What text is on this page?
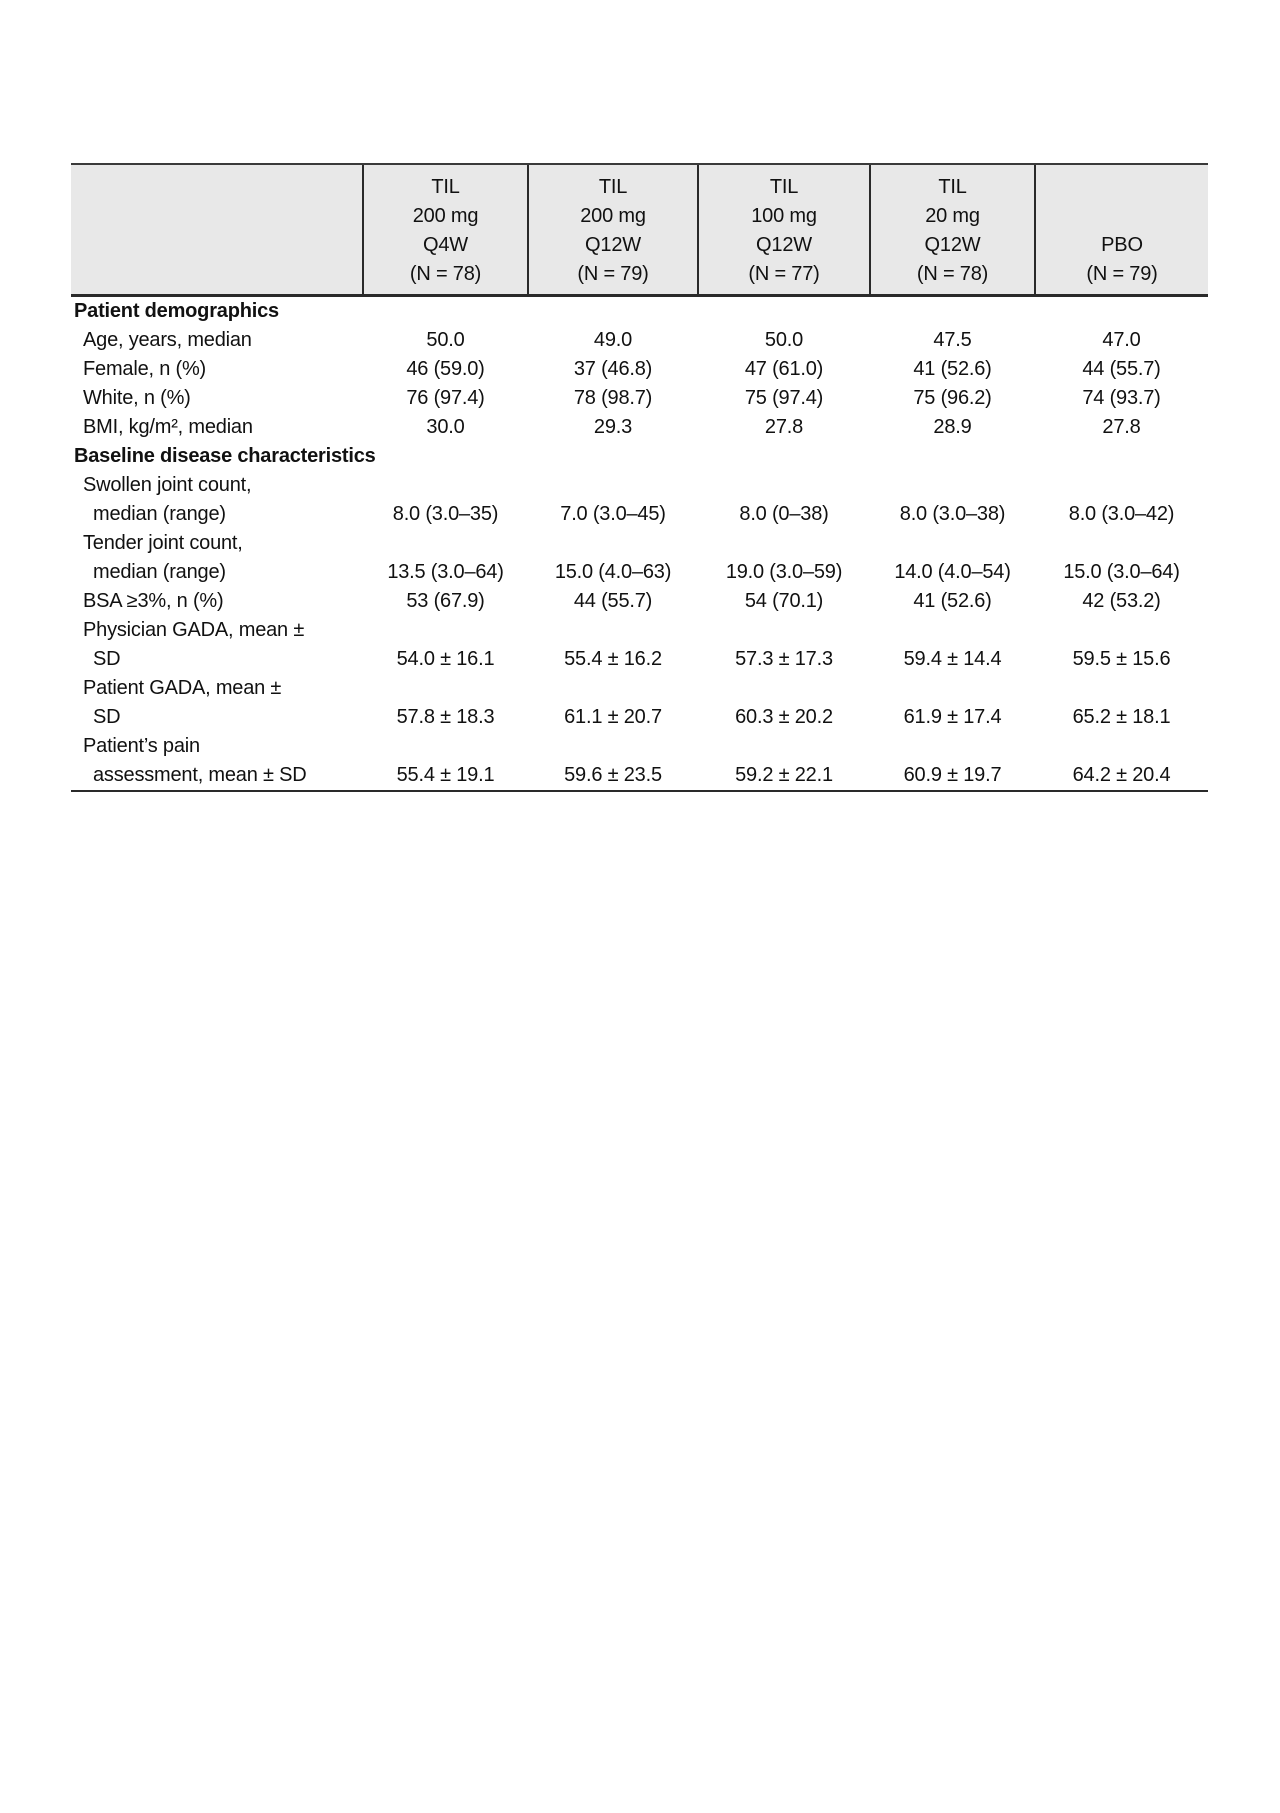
	TIL
200 mg
Q4W
(N = 78)	TIL
200 mg
Q12W
(N = 79)	TIL
100 mg
Q12W
(N = 77)	TIL
20 mg
Q12W
(N = 78)	PBO
(N = 79)

Patient demographics					
Age, years, median	50.0	49.0	50.0	47.5	47.0
Female, n (%)	46 (59.0)	37 (46.8)	47 (61.0)	41 (52.6)	44 (55.7)
White, n (%)	76 (97.4)	78 (98.7)	75 (97.4)	75 (96.2)	74 (93.7)
BMI, kg/m², median	30.0	29.3	27.8	28.9	27.8
Baseline disease characteristics					

Swollen joint count,
median (range)	8.0 (3.0–35)	7.0 (3.0–45)	8.0 (0–38)	8.0 (3.0–38)	8.0 (3.0–42)

Tender joint count,
median (range)	13.5 (3.0–64)	15.0 (4.0–63)	19.0 (3.0–59)	14.0 (4.0–54)	15.0 (3.0–64)
BSA ≥3%, n (%)	53 (67.9)	44 (55.7)	54 (70.1)	41 (52.6)	42 (53.2)

Physician GADA, mean ±
SD	54.0 ± 16.1	55.4 ± 16.2	57.3 ± 17.3	59.4 ± 14.4	59.5 ± 15.6

Patient GADA, mean ±
SD	57.8 ± 18.3	61.1 ± 20.7	60.3 ± 20.2	61.9 ± 17.4	65.2 ± 18.1

Patient’s pain
assessment, mean ± SD	55.4 ± 19.1	59.6 ± 23.5	59.2 ± 22.1	60.9 ± 19.7	64.2 ± 20.4
